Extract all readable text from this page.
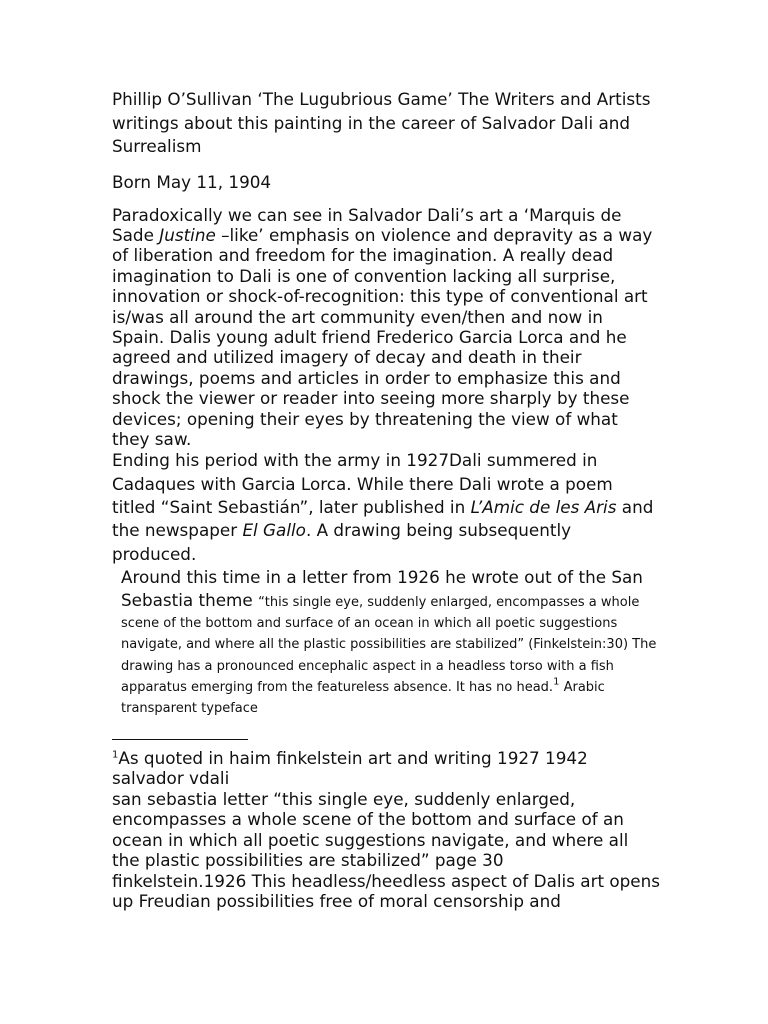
Phillip O’Sullivan ‘The Lugubrious Game’ The Writers and Artists writings about this painting in the career of Salvador Dali and Surrealism

Born May 11, 1904

Paradoxically we can see in Salvador Dali’s art a ‘Marquis de Sade Justine –like’ emphasis on violence and depravity as a way of liberation and freedom for the imagination. A really dead imagination to Dali is one of convention lacking all surprise, innovation or shock-of-recognition: this type of conventional art is/was all around the art community even/then and now in Spain. Dalis young adult friend Frederico Garcia Lorca and he agreed and utilized imagery of decay and death in their drawings, poems and articles in order to emphasize this and shock the viewer or reader into seeing more sharply by these devices; opening their eyes by threatening the view of what they saw.

Ending his period with the army in 1927Dali summered in Cadaques with Garcia Lorca. While there Dali wrote a poem titled “Saint Sebastián”, later published in L’Amic de les Aris and the newspaper El Gallo. A drawing being subsequently produced.

Around this time in a letter from 1926 he wrote out of the San Sebastia theme “this single eye, suddenly enlarged, encompasses a whole scene of the bottom and surface of an ocean in which all poetic suggestions navigate, and where all the plastic possibilities are stabilized” (Finkelstein:30) The drawing has a pronounced encephalic aspect in a headless torso with a fish apparatus emerging from the featureless absence. It has no head.$^1$ Arabic transparent typeface

$^1$As quoted in haim finkelstein art and writing 1927 1942 salvador vdali

san sebastia letter “this single eye, suddenly enlarged, encompasses a whole scene of the bottom and surface of an ocean in which all poetic suggestions navigate, and where all the plastic possibilities are stabilized” page 30

finkelstein.1926 This headless/heedless aspect of Dalis art opens up Freudian possibilities free of moral censorship and
